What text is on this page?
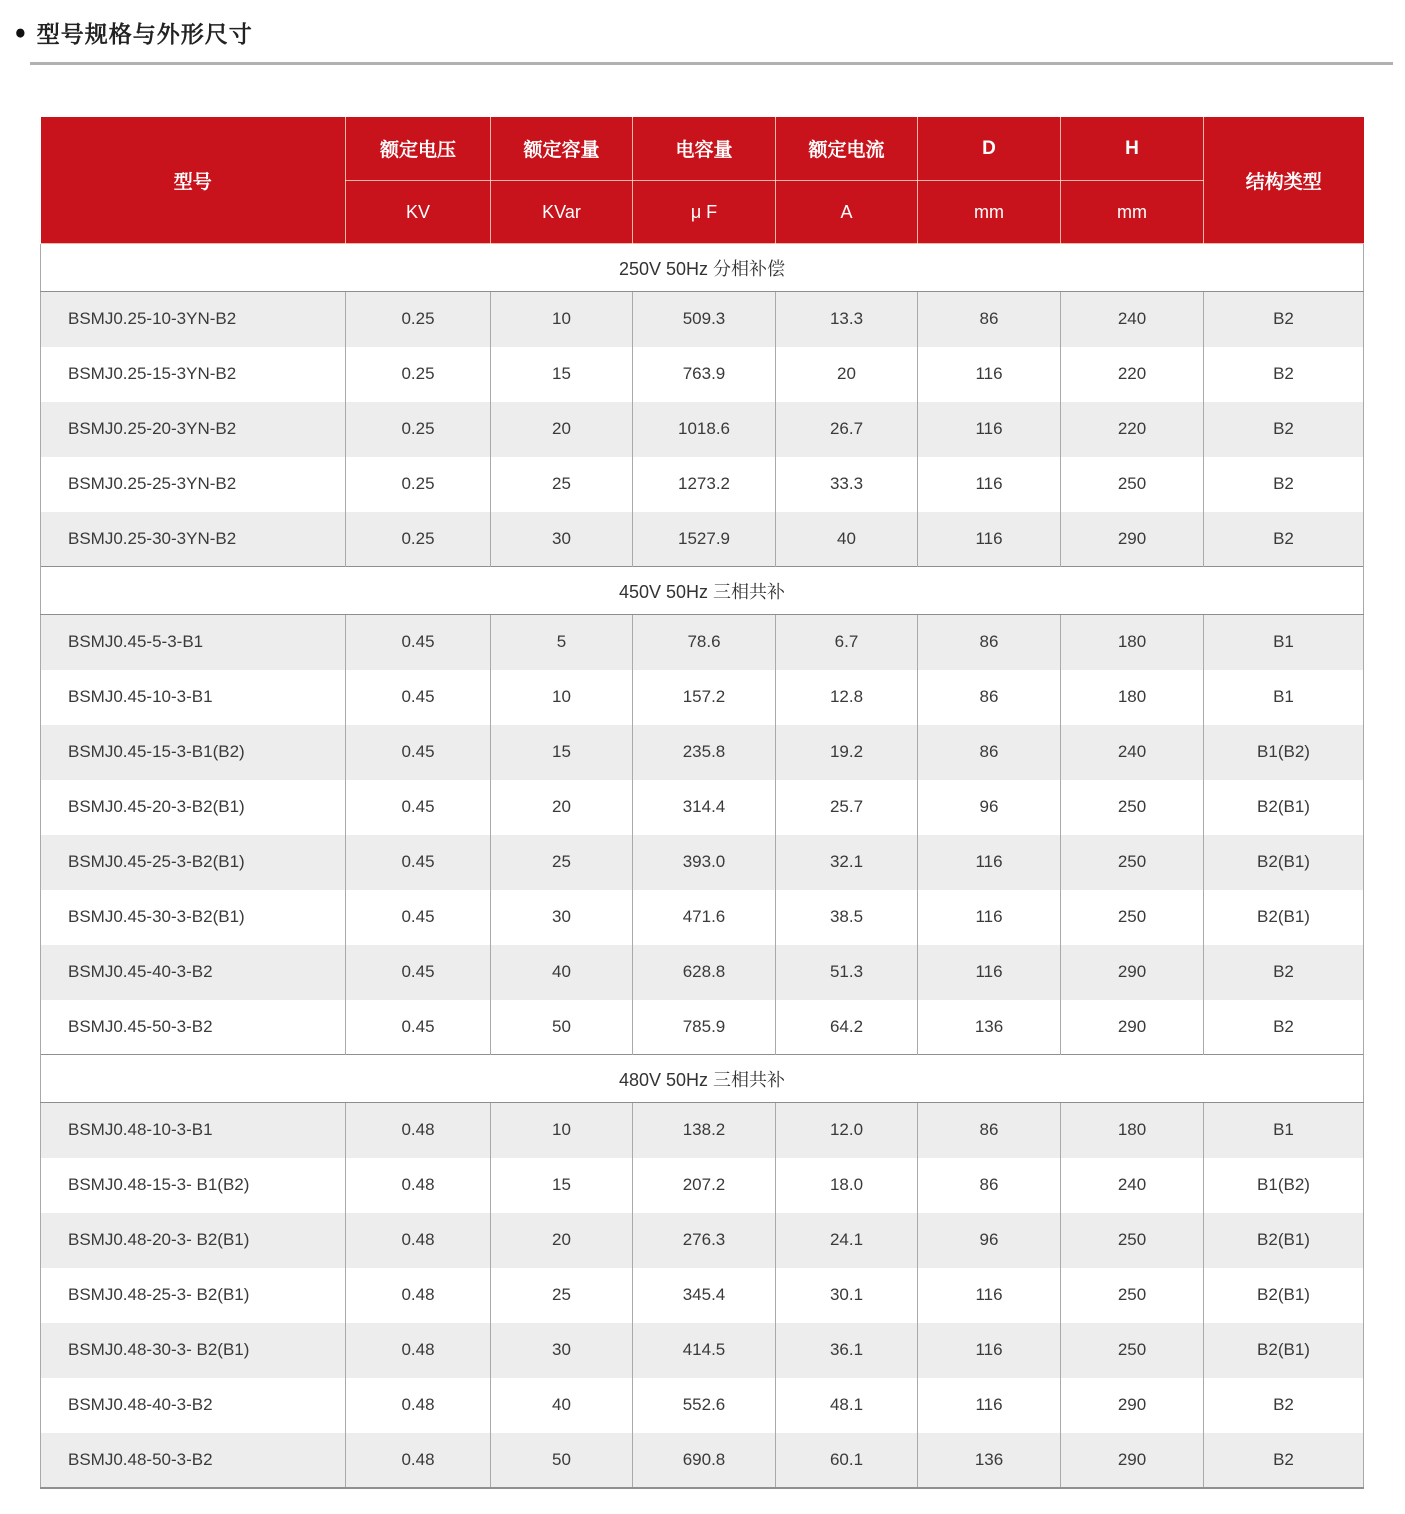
● 型号规格与外形尺寸
型号	额定电压	额定容量	电容量	额定电流	D	H	结构类型
	KV	KVar	μ F	A	mm	mm	
250V 50Hz 分相补偿							
BSMJ0.25-10-3YN-B2	0.25	10	509.3	13.3	86	240	B2
BSMJ0.25-15-3YN-B2	0.25	15	763.9	20	116	220	B2
BSMJ0.25-20-3YN-B2	0.25	20	1018.6	26.7	116	220	B2
BSMJ0.25-25-3YN-B2	0.25	25	1273.2	33.3	116	250	B2
BSMJ0.25-30-3YN-B2	0.25	30	1527.9	40	116	290	B2
450V 50Hz 三相共补							
BSMJ0.45-5-3-B1	0.45	5	78.6	6.7	86	180	B1
BSMJ0.45-10-3-B1	0.45	10	157.2	12.8	86	180	B1
BSMJ0.45-15-3-B1(B2)	0.45	15	235.8	19.2	86	240	B1(B2)
BSMJ0.45-20-3-B2(B1)	0.45	20	314.4	25.7	96	250	B2(B1)
BSMJ0.45-25-3-B2(B1)	0.45	25	393.0	32.1	116	250	B2(B1)
BSMJ0.45-30-3-B2(B1)	0.45	30	471.6	38.5	116	250	B2(B1)
BSMJ0.45-40-3-B2	0.45	40	628.8	51.3	116	290	B2
BSMJ0.45-50-3-B2	0.45	50	785.9	64.2	136	290	B2
480V 50Hz 三相共补							
BSMJ0.48-10-3-B1	0.48	10	138.2	12.0	86	180	B1
BSMJ0.48-15-3- B1(B2)	0.48	15	207.2	18.0	86	240	B1(B2)
BSMJ0.48-20-3- B2(B1)	0.48	20	276.3	24.1	96	250	B2(B1)
BSMJ0.48-25-3- B2(B1)	0.48	25	345.4	30.1	116	250	B2(B1)
BSMJ0.48-30-3- B2(B1)	0.48	30	414.5	36.1	116	250	B2(B1)
BSMJ0.48-40-3-B2	0.48	40	552.6	48.1	116	290	B2
BSMJ0.48-50-3-B2	0.48	50	690.8	60.1	136	290	B2
